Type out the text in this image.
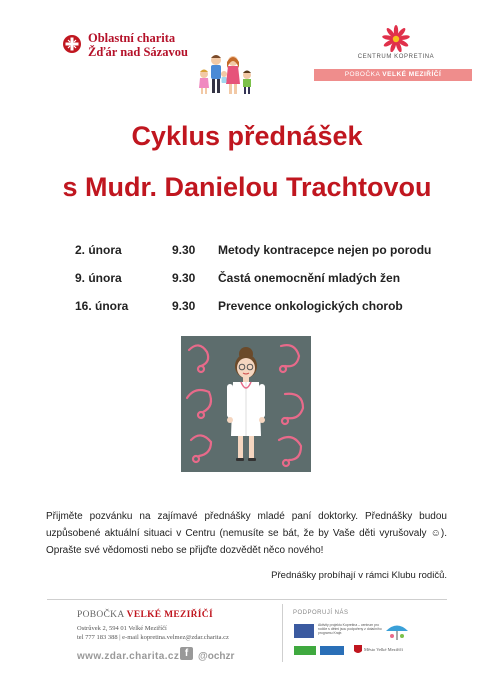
Oblastní charita
Žďár nad Sázavou	CENTRUM KOPRETINA
POBOČKA VELKÉ MEZIŘÍČÍ
Cyklus přednášek
s Mudr. Danielou Trachtovou
2. února	9.30 Metody kontracepce nejen po porodu
9. února	9.30 Častá onemocnění mladých žen
16. února	9.30 Prevence onkologických chorob
Přijměte pozvánku na zajímavé přednášky mladé paní doktorky. Přednášky budou uzpůsobené aktuální situaci v Centru (nemusíte se bát, že by Vaše děti vyrušovaly ☺). Oprašte své vědomosti nebo se přijďte dozvědět něco nového!
Přednášky probíhají v rámci Klubu rodičů.
POBOČKA VELKÉ MEZIŘÍČÍ
Ostrůvek 2, 594 01 Velké Meziříčí
tel 777 183 388 | e-mail kopretina.velmez@zdar.charita.cz
www.zdar.charita.cz f @ochzr
PODPORUJÍ NÁS
Aktivity projektu Kopretina – centrum pro rodiče s dětmi jsou podpořeny z dotačního programu Kraje.
Město Velké Meziříčí
